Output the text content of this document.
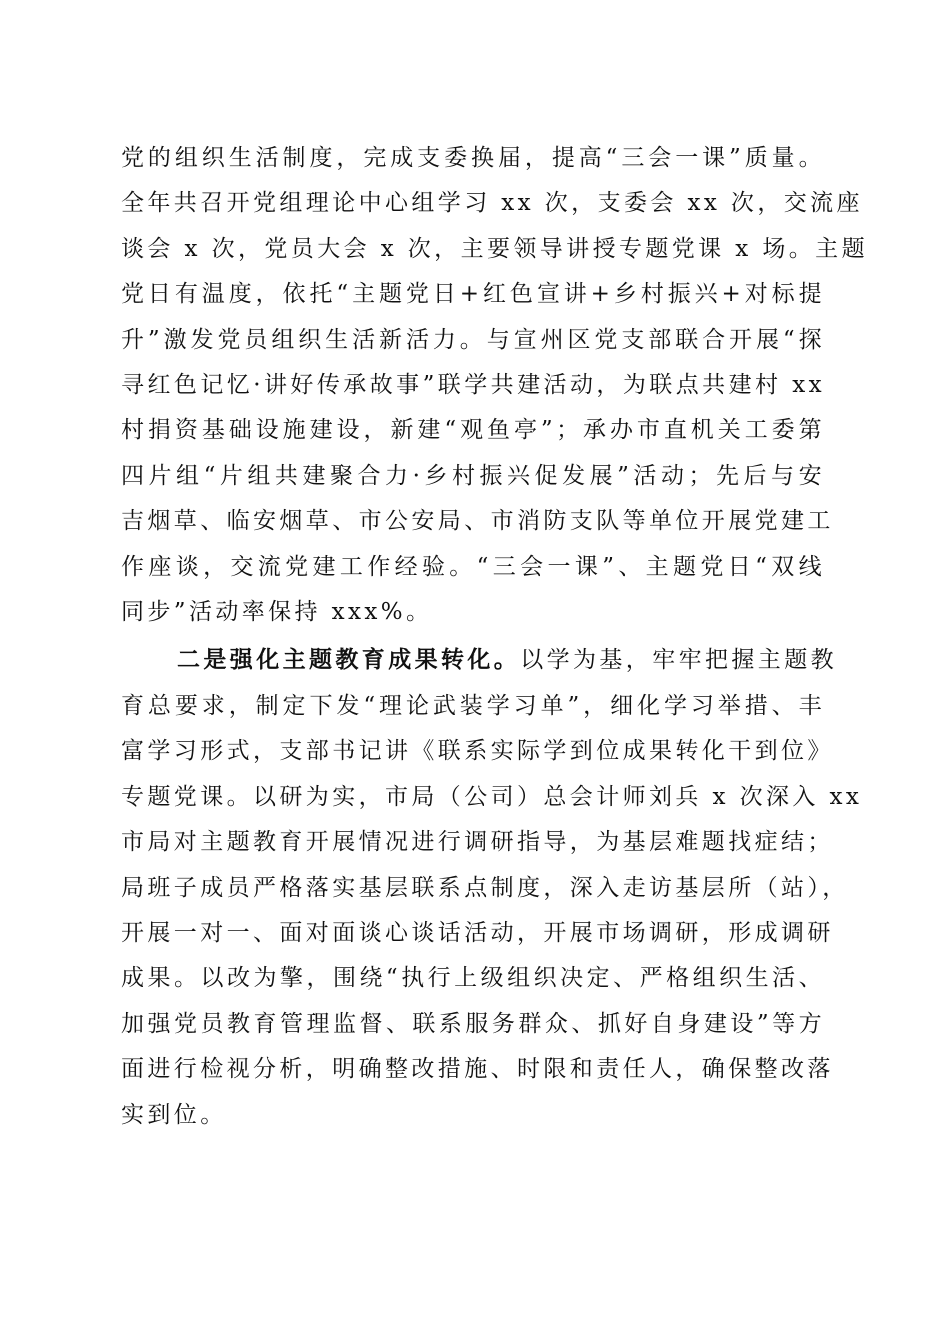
党的组织生活制度，完成支委换届，提高“三会一课”质量。
全年共召开党组理论中心组学习 xx 次，支委会 xx 次，交流座
谈会 x 次，党员大会 x 次，主要领导讲授专题党课 x 场。主题
党日有温度，依托“主题党日+红色宣讲+乡村振兴+对标提
升”激发党员组织生活新活力。与宣州区党支部联合开展“探
寻红色记忆·讲好传承故事”联学共建活动，为联点共建村 xx
村捐资基础设施建设，新建“观鱼亭”；承办市直机关工委第
四片组“片组共建聚合力·乡村振兴促发展”活动；先后与安
吉烟草、临安烟草、市公安局、市消防支队等单位开展党建工
作座谈，交流党建工作经验。“三会一课”、主题党日“双线
同步”活动率保持 xxx%。

二是强化主题教育成果转化。以学为基，牢牢把握主题教
育总要求，制定下发“理论武装学习单”，细化学习举措、丰
富学习形式，支部书记讲《联系实际学到位成果转化干到位》
专题党课。以研为实，市局（公司）总会计师刘兵 x 次深入 xx
市局对主题教育开展情况进行调研指导，为基层难题找症结；
局班子成员严格落实基层联系点制度，深入走访基层所（站），
开展一对一、面对面谈心谈话活动，开展市场调研，形成调研
成果。以改为擎，围绕“执行上级组织决定、严格组织生活、
加强党员教育管理监督、联系服务群众、抓好自身建设”等方
面进行检视分析，明确整改措施、时限和责任人，确保整改落
实到位。
